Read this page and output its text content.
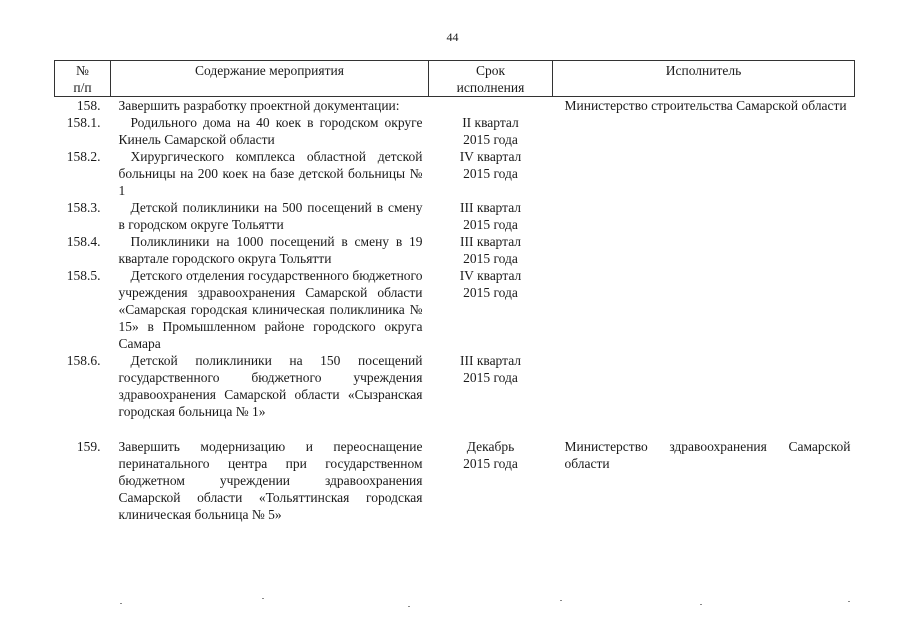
44
№
п/п	Содержание мероприятия	Срок
исполнения	Исполнитель
158.	Завершить разработку проектной документации:		Министерство строительства Самарской области
158.1.	Родильного дома на 40 коек в городском округе Кинель Самарской области	II квартал
2015 года	
158.2.	Хирургического комплекса областной детской больницы на 200 коек на базе детской больницы № 1	IV квартал
2015 года	
158.3.	Детской поликлиники на 500 посещений в смену в городском округе Тольятти	III квартал
2015 года	
158.4.	Поликлиники на 1000 посещений в смену в 19 квартале городского округа Тольятти	III квартал
2015 года	
158.5.	Детского отделения государственного бюджетного учреждения здравоохранения Самарской области «Самарская городская клиническая поликлиника № 15» в Промышленном районе городского округа Самара	IV квартал
2015 года	
158.6.	Детской поликлиники на 150 посещений государственного бюджетного учреждения здравоохранения Самарской области «Сызранская городская больница № 1»	III квартал
2015 года	

159.	Завершить модернизацию и переоснащение перинатального центра при государственном бюджетном учреждении здравоохранения Самарской области «Тольяттинская городская клиническая больница № 5»	Декабрь
2015 года	Министерство здравоохранения Самарской области
